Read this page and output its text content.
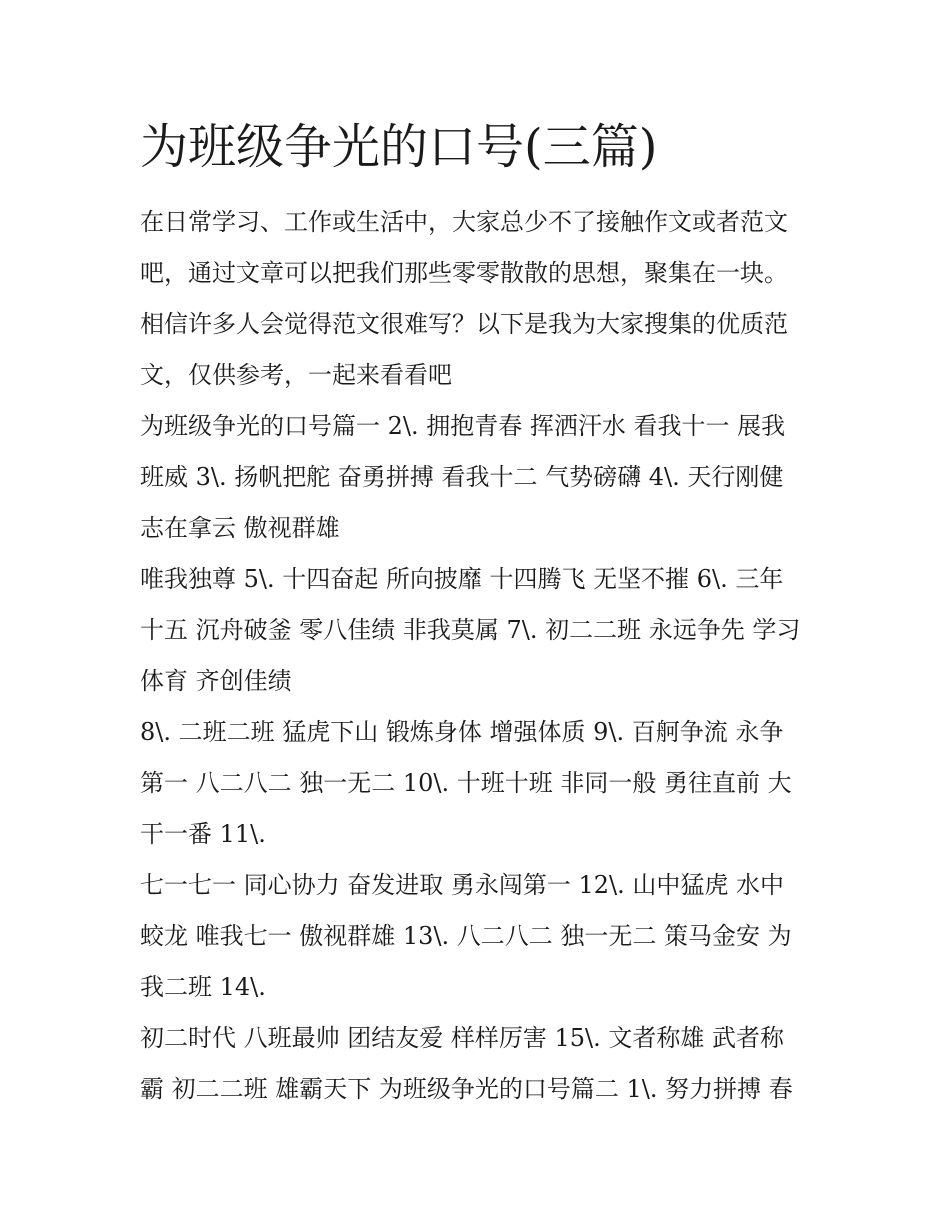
为班级争光的口号(三篇)
在日常学习、工作或生活中，大家总少不了接触作文或者范文
吧，通过文章可以把我们那些零零散散的思想，聚集在一块。
相信许多人会觉得范文很难写？以下是我为大家搜集的优质范
文，仅供参考，一起来看看吧
为班级争光的口号篇一 2\. 拥抱青春 挥洒汗水 看我十一 展我
班威 3\. 扬帆把舵 奋勇拼搏 看我十二 气势磅礴 4\. 天行刚健
志在拿云 傲视群雄
唯我独尊 5\. 十四奋起 所向披靡 十四腾飞 无坚不摧 6\. 三年
十五 沉舟破釜 零八佳绩 非我莫属 7\. 初二二班 永远争先 学习
体育 齐创佳绩
8\. 二班二班 猛虎下山 锻炼身体 增强体质 9\. 百舸争流 永争
第一 八二八二 独一无二 10\. 十班十班 非同一般 勇往直前 大
干一番 11\.
七一七一 同心协力 奋发进取 勇永闯第一 12\. 山中猛虎 水中
蛟龙 唯我七一 傲视群雄 13\. 八二八二 独一无二 策马金安 为
我二班 14\.
初二时代 八班最帅 团结友爱 样样厉害 15\. 文者称雄 武者称
霸 初二二班 雄霸天下 为班级争光的口号篇二 1\. 努力拼搏 春
